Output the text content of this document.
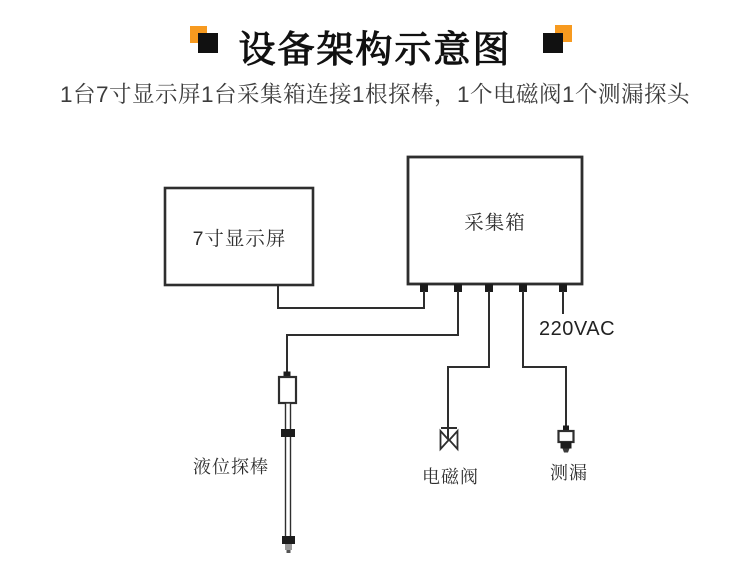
设备架构示意图
1台7寸显示屏1台采集箱连接1根探棒，1个电磁阀1个测漏探头
7寸显示屏
采集箱
220VAC
液位探棒	电磁阀	测漏
